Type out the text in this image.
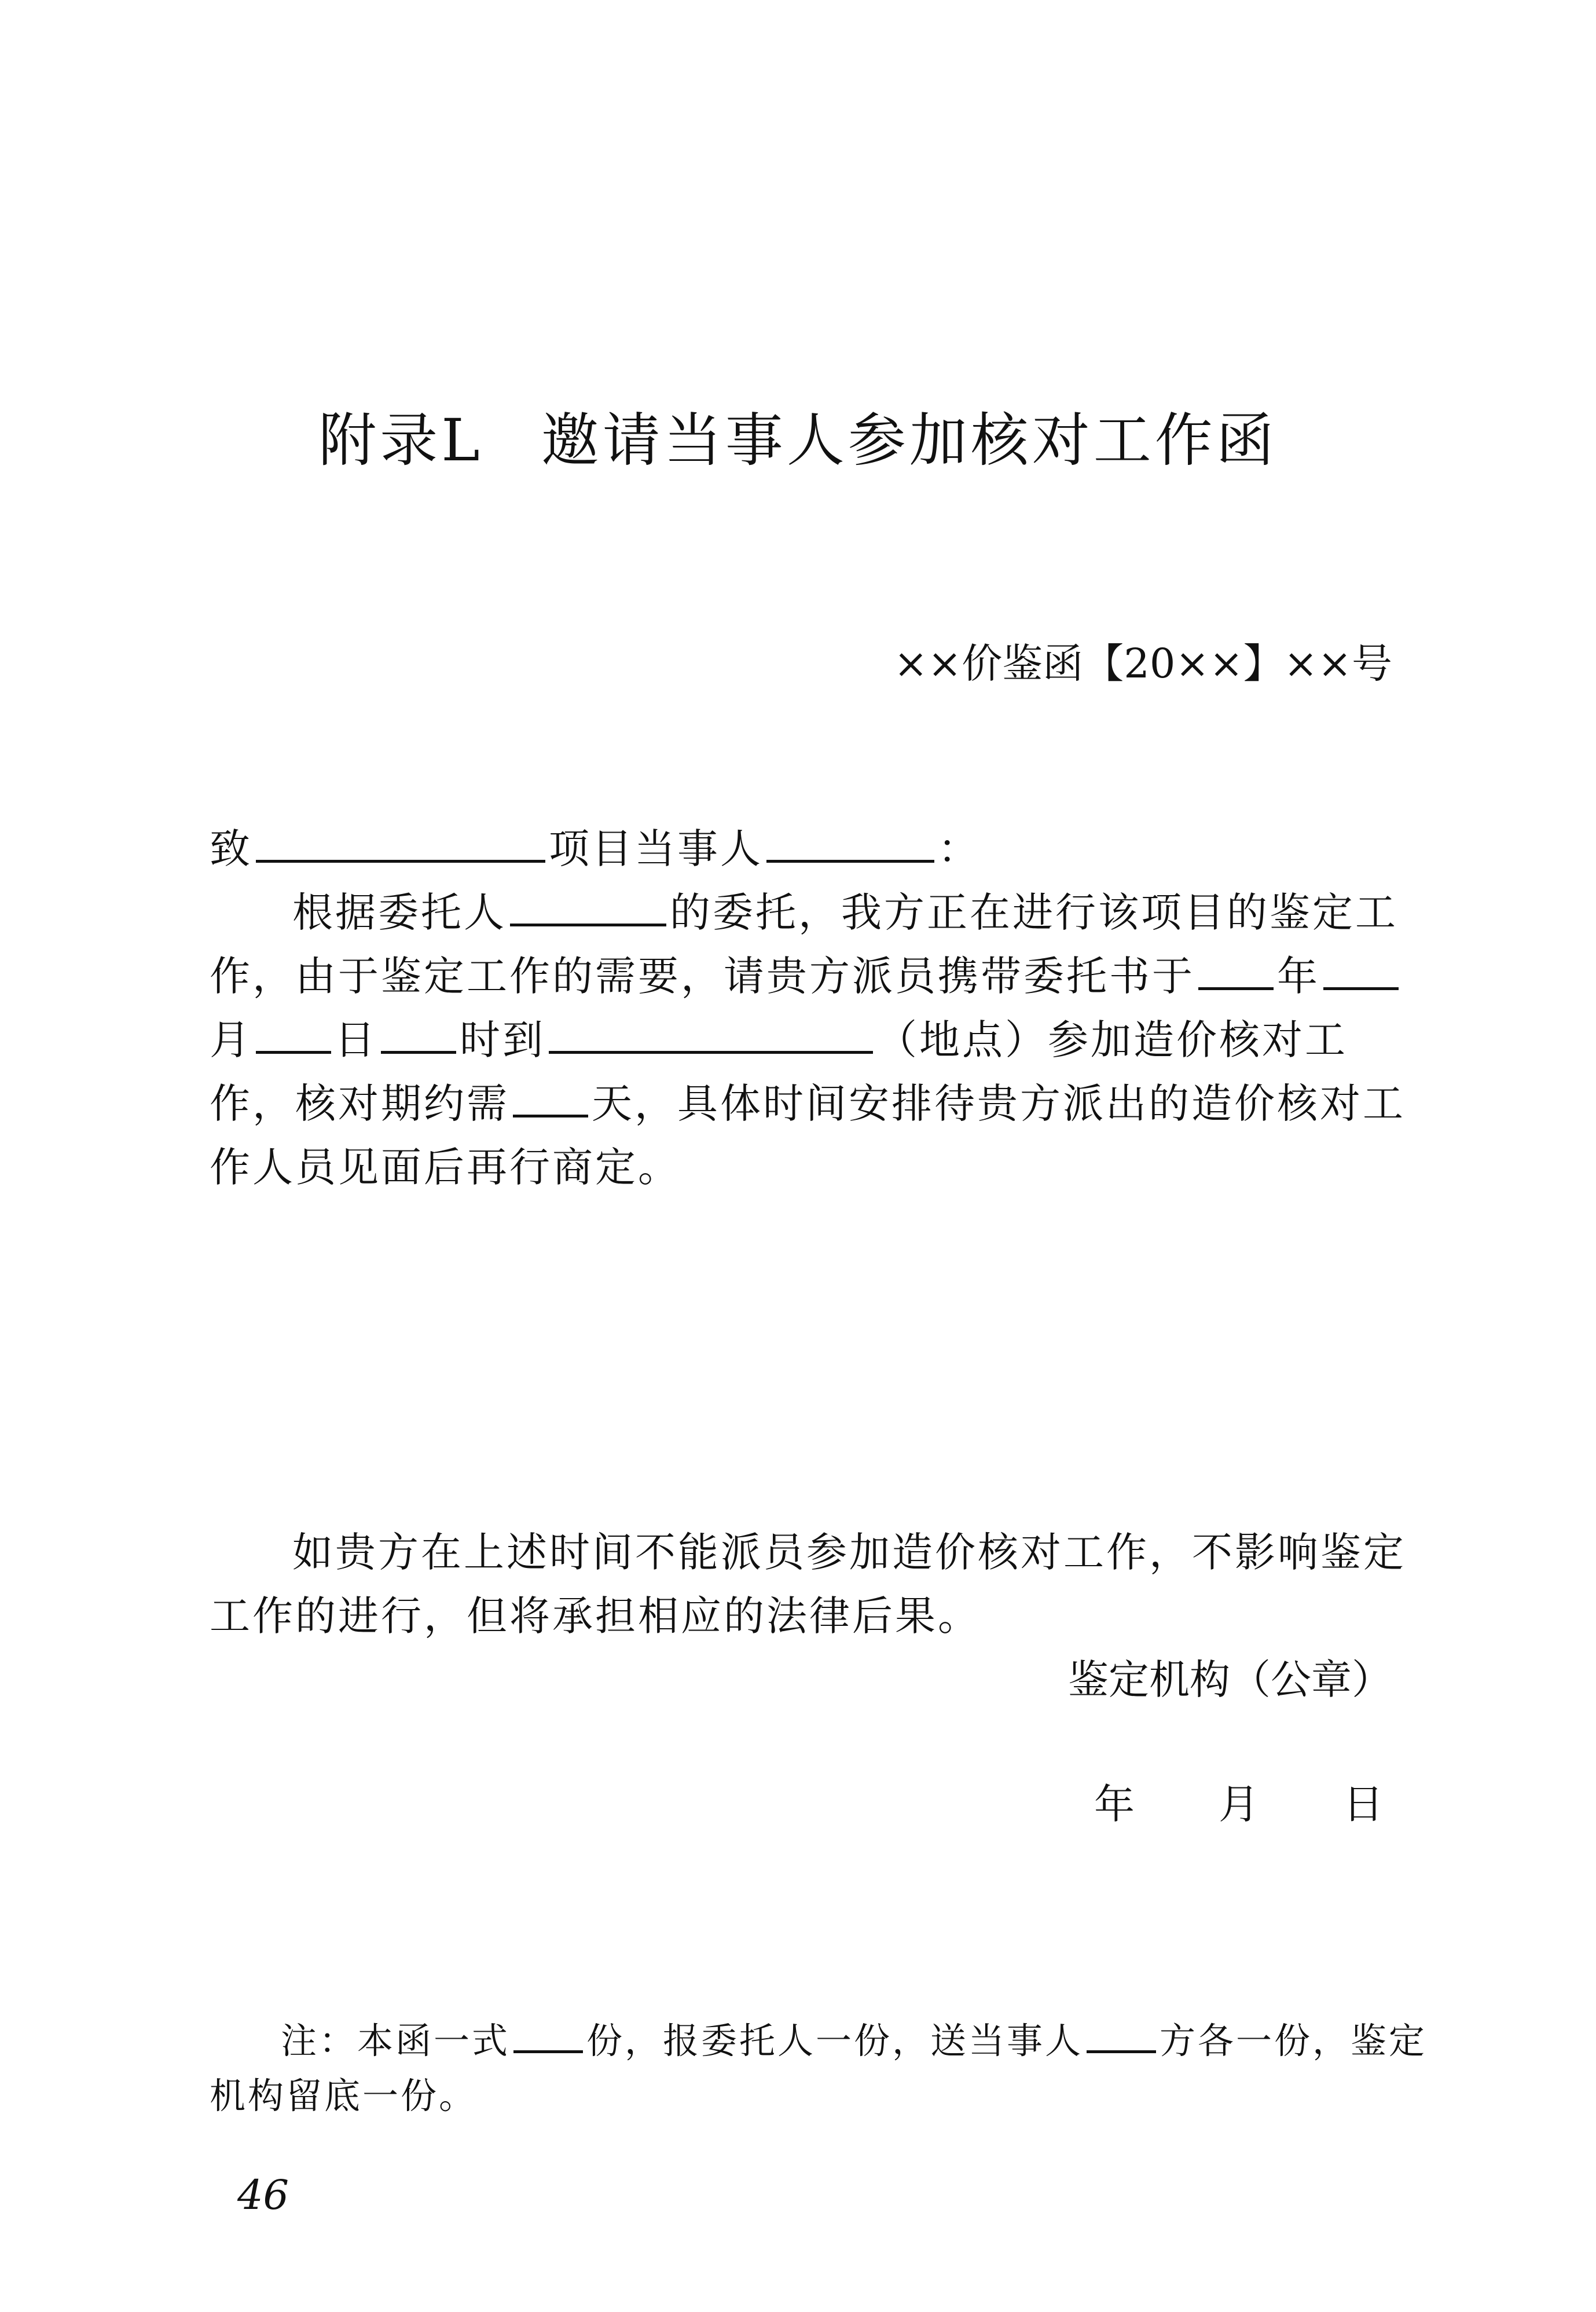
附录L 邀请当事人参加核对工作函
××价鉴函【20××】××号
致	项目当事人	：
根据委托人	的委托，我方正在进行该项目的鉴定工
作，由于鉴定工作的需要，请贵方派员携带委托书于 年
月 日 时到	（地点）参加造价核对工
作，核对期约需 天，具体时间安排待贵方派出的造价核对工
作人员见面后再行商定。
如贵方在上述时间不能派员参加造价核对工作，不影响鉴定
工作的进行，但将承担相应的法律后果。
鉴定机构（公章）
年 月 日
注：本函一式 份，报委托人一份，送当事人 方各一份，鉴定
机构留底一份。
46
